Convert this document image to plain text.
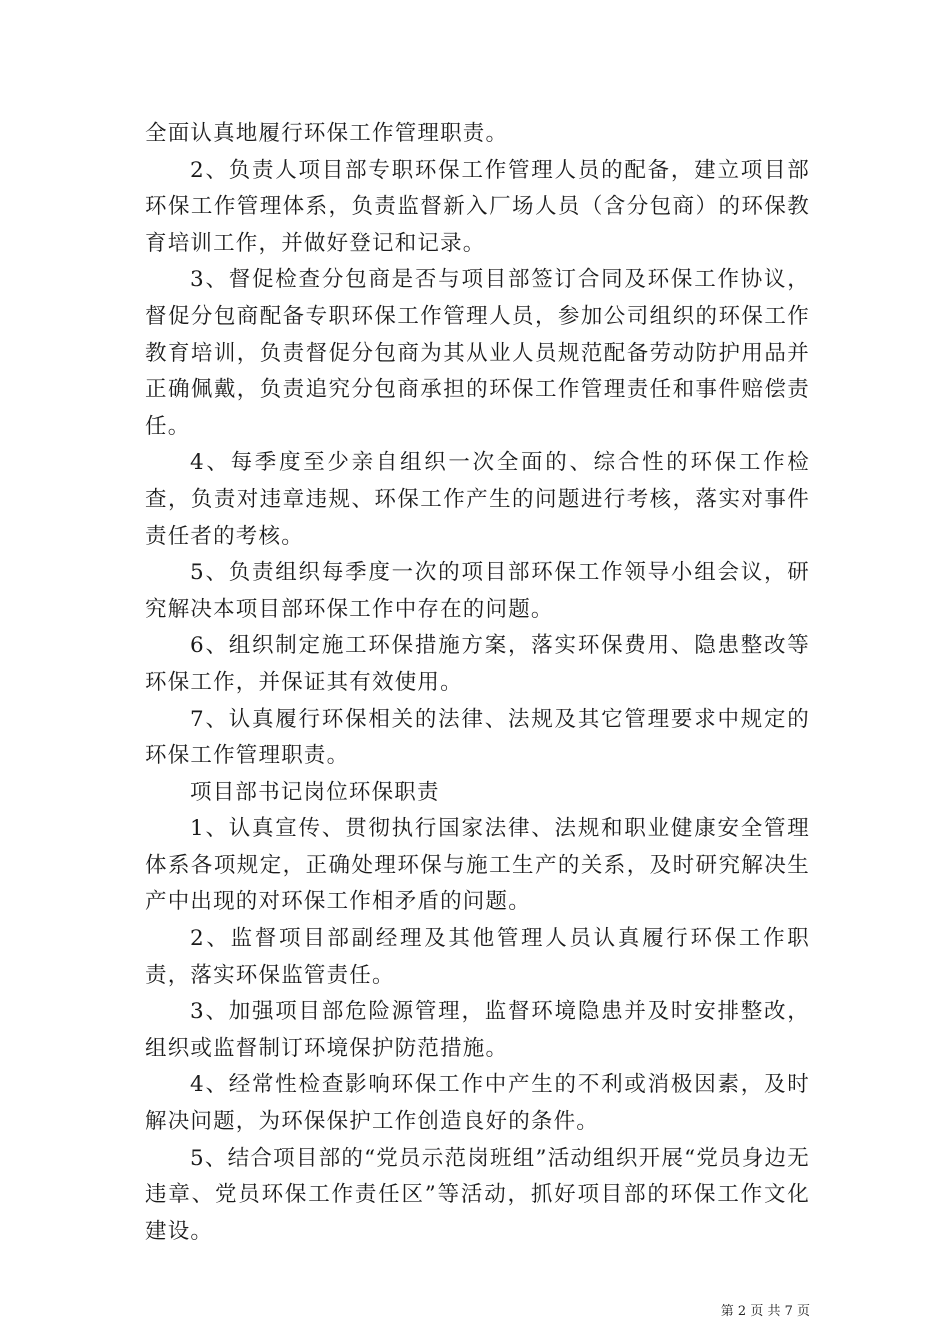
全面认真地履行环保工作管理职责。

2、负责人项目部专职环保工作管理人员的配备，建立项目部环保工作管理体系，负责监督新入厂场人员（含分包商）的环保教育培训工作，并做好登记和记录。

3、督促检查分包商是否与项目部签订合同及环保工作协议，督促分包商配备专职环保工作管理人员，参加公司组织的环保工作教育培训，负责督促分包商为其从业人员规范配备劳动防护用品并正确佩戴，负责追究分包商承担的环保工作管理责任和事件赔偿责任。

4、每季度至少亲自组织一次全面的、综合性的环保工作检查，负责对违章违规、环保工作产生的问题进行考核，落实对事件责任者的考核。

5、负责组织每季度一次的项目部环保工作领导小组会议，研究解决本项目部环保工作中存在的问题。

6、组织制定施工环保措施方案，落实环保费用、隐患整改等环保工作，并保证其有效使用。

7、认真履行环保相关的法律、法规及其它管理要求中规定的环保工作管理职责。

项目部书记岗位环保职责

1、认真宣传、贯彻执行国家法律、法规和职业健康安全管理体系各项规定，正确处理环保与施工生产的关系，及时研究解决生产中出现的对环保工作相矛盾的问题。

2、监督项目部副经理及其他管理人员认真履行环保工作职责，落实环保监管责任。

3、加强项目部危险源管理，监督环境隐患并及时安排整改，组织或监督制订环境保护防范措施。

4、经常性检查影响环保工作中产生的不利或消极因素，及时解决问题，为环保保护工作创造良好的条件。

5、结合项目部的“党员示范岗班组”活动组织开展“党员身边无违章、党员环保工作责任区”等活动，抓好项目部的环保工作文化建设。

第 2 页 共 7 页
